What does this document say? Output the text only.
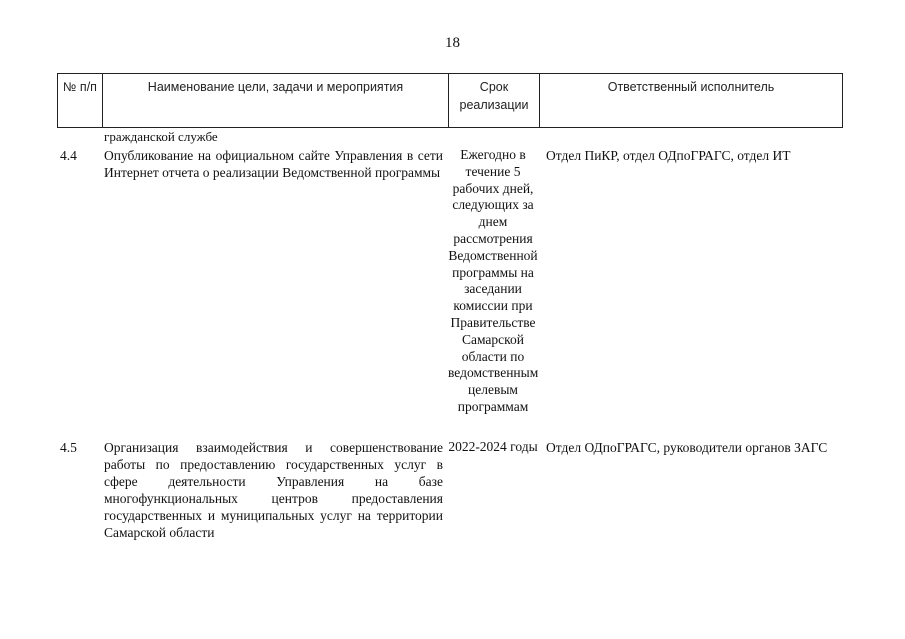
18
№ п/п	Наименование цели, задачи и мероприятия	Срок реализации
Ответственный исполнитель
гражданской службе
4.4 Опубликование на официальном сайте Управления в сети Интернет отчета о реализации Ведомственной программы
Ежегодно в течение 5 рабочих дней, следующих за днем рассмотрения Ведомственной программы на заседании комиссии при Правительстве Самарской области по ведомственным целевым программам
Отдел ПиКР, отдел ОДпоГРАГС, отдел ИТ
4.5 Организация взаимодействия и совершенствование работы по предоставлению государственных услуг в сфере деятельности Управления на базе многофункциональных центров предоставления государственных и муниципальных услуг на территории Самарской области
2022-2024 годы Отдел ОДпоГРАГС, руководители органов ЗАГС
